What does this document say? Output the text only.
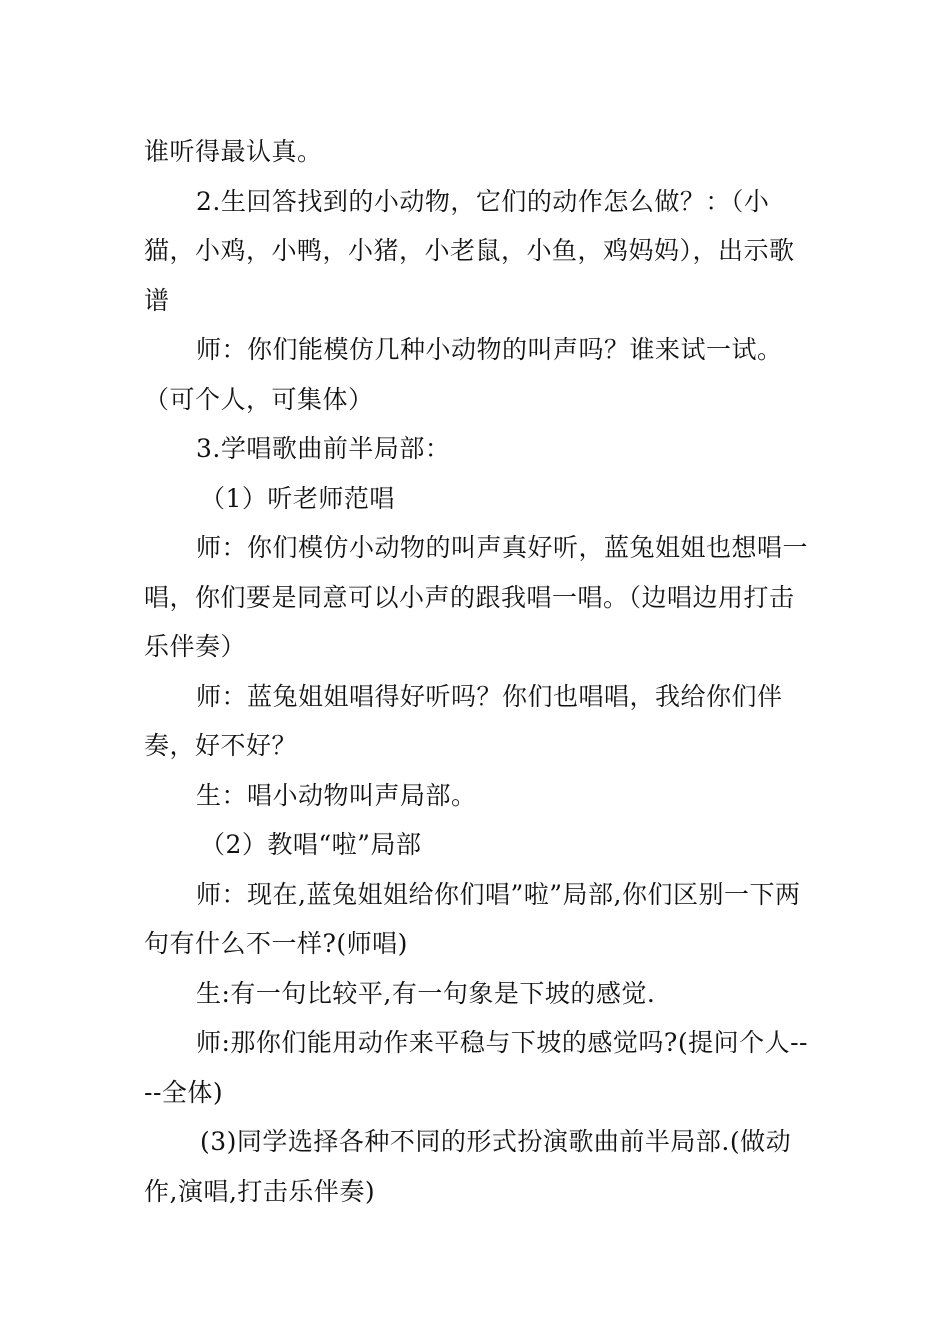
谁听得最认真。

2.生回答找到的小动物，它们的动作怎么做？：（小猫，小鸡，小鸭，小猪，小老鼠，小鱼，鸡妈妈），出示歌谱

师：你们能模仿几种小动物的叫声吗？谁来试一试。（可个人，可集体）

3.学唱歌曲前半局部：

（1）听老师范唱

师：你们模仿小动物的叫声真好听，蓝兔姐姐也想唱一唱，你们要是同意可以小声的跟我唱一唱。（边唱边用打击乐伴奏）

师：蓝兔姐姐唱得好听吗？你们也唱唱，我给你们伴奏，好不好？

生：唱小动物叫声局部。

（2）教唱“啦”局部

师：现在,蓝兔姐姐给你们唱”啦”局部,你们区别一下两句有什么不一样?(师唱)

生:有一句比较平,有一句象是下坡的感觉.

师:那你们能用动作来平稳与下坡的感觉吗?(提问个人----全体)

(3)同学选择各种不同的形式扮演歌曲前半局部.(做动作,演唱,打击乐伴奏)
